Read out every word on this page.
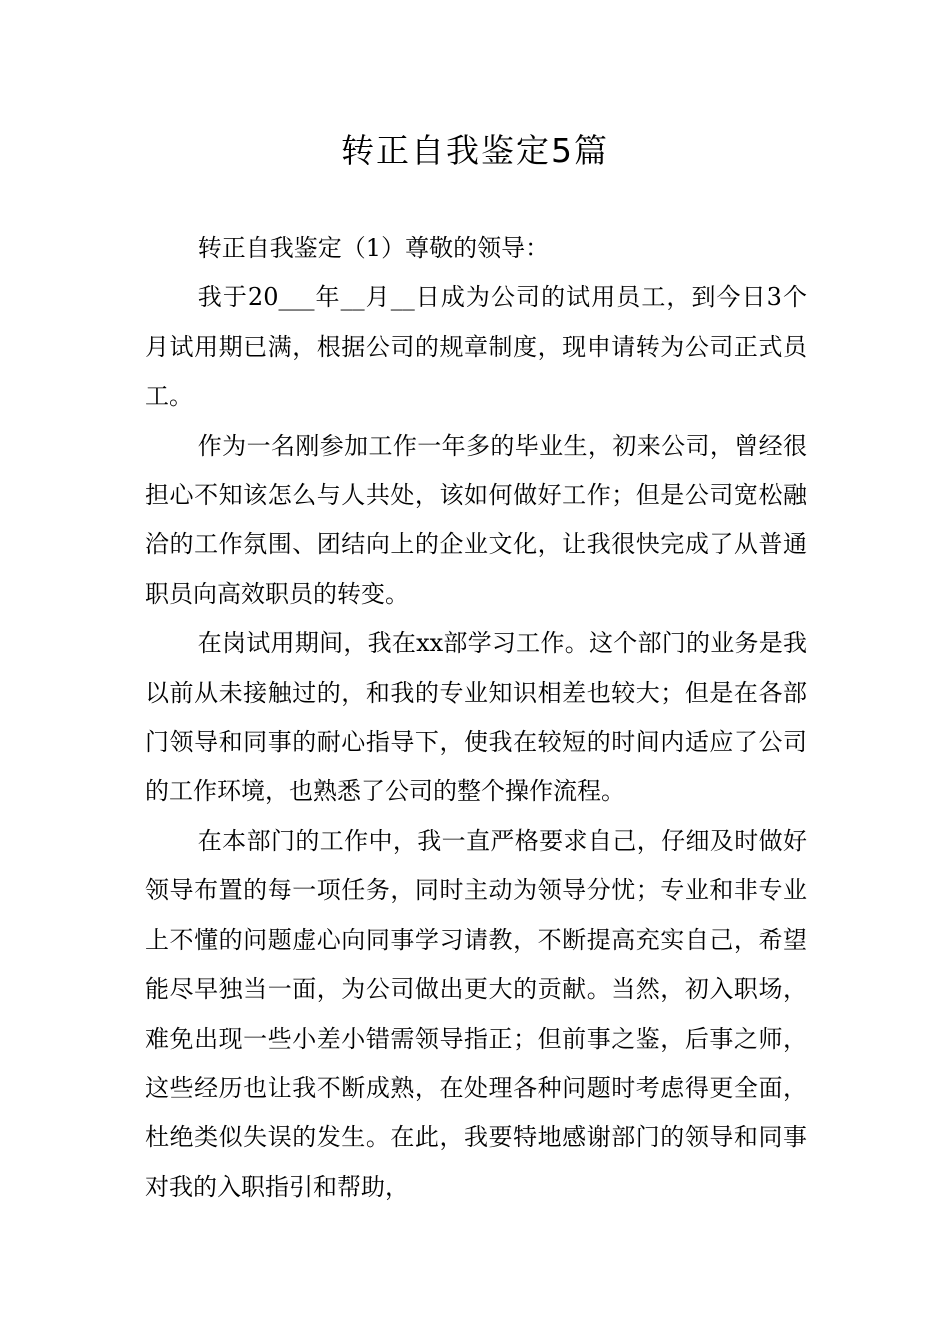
转正自我鉴定5篇

转正自我鉴定（1）尊敬的领导：

我于20___年__月__日成为公司的试用员工，到今日3个月试用期已满，根据公司的规章制度，现申请转为公司正式员工。

作为一名刚参加工作一年多的毕业生，初来公司，曾经很担心不知该怎么与人共处，该如何做好工作；但是公司宽松融洽的工作氛围、团结向上的企业文化，让我很快完成了从普通职员向高效职员的转变。

在岗试用期间，我在xx部学习工作。这个部门的业务是我以前从未接触过的，和我的专业知识相差也较大；但是在各部门领导和同事的耐心指导下，使我在较短的时间内适应了公司的工作环境，也熟悉了公司的整个操作流程。

在本部门的工作中，我一直严格要求自己，仔细及时做好领导布置的每一项任务，同时主动为领导分忧；专业和非专业上不懂的问题虚心向同事学习请教，不断提高充实自己，希望能尽早独当一面，为公司做出更大的贡献。当然，初入职场，难免出现一些小差小错需领导指正；但前事之鉴，后事之师，这些经历也让我不断成熟，在处理各种问题时考虑得更全面，杜绝类似失误的发生。在此，我要特地感谢部门的领导和同事对我的入职指引和帮助，
